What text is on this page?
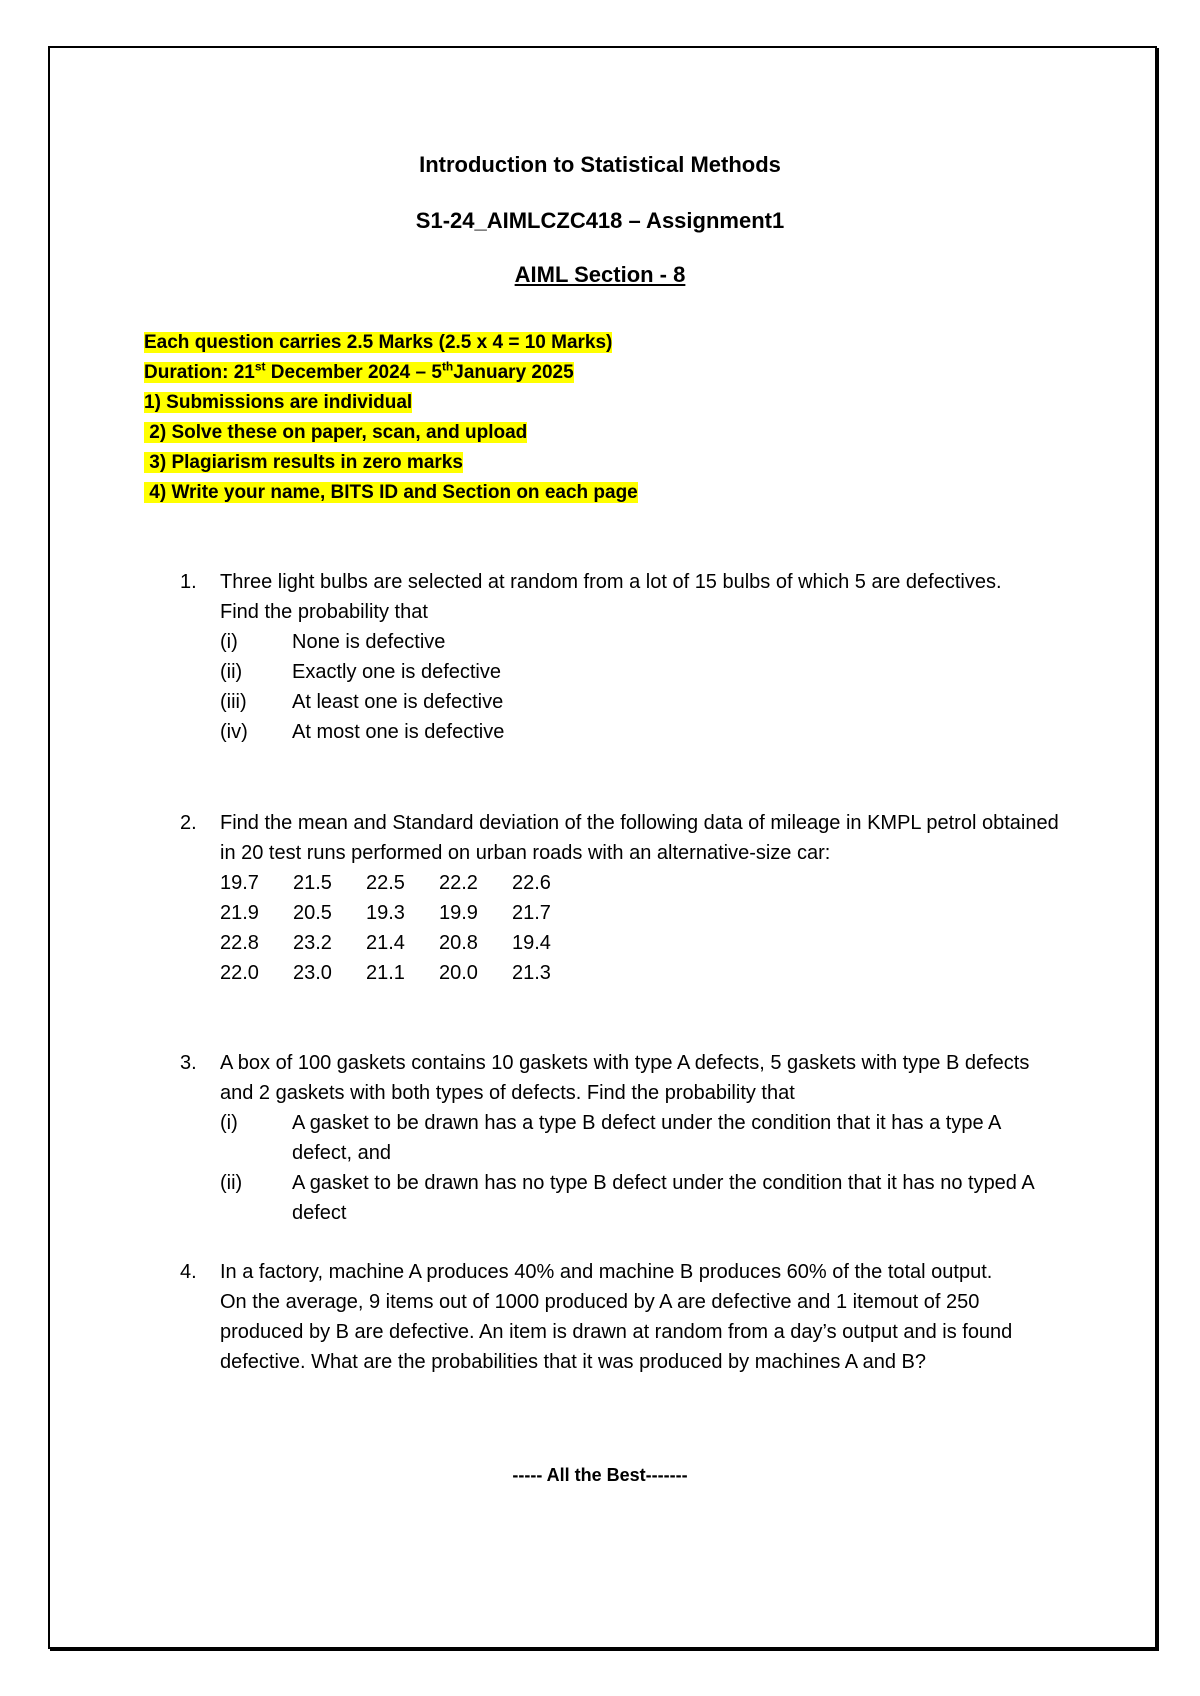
Introduction to Statistical Methods
S1-24_AIMLCZC418 – Assignment1
AIML Section - 8
Each question carries 2.5 Marks (2.5 x 4 = 10 Marks)
Duration: 21st December 2024 – 5thJanuary 2025
1) Submissions are individual
2) Solve these on paper, scan, and upload
3) Plagiarism results in zero marks
4) Write your name, BITS ID and Section on each page
1. Three light bulbs are selected at random from a lot of 15 bulbs of which 5 are defectives.
Find the probability that
(i)	None is defective
(ii)	Exactly one is defective
(iii)	At least one is defective
(iv)	At most one is defective
2. Find the mean and Standard deviation of the following data of mileage in KMPL petrol obtained in 20 test runs performed on urban roads with an alternative-size car:
19.7	21.5	22.5	22.2	22.6
21.9	20.5	19.3	19.9	21.7
22.8	23.2	21.4	20.8	19.4
22.0	23.0	21.1	20.0	21.3
3. A box of 100 gaskets contains 10 gaskets with type A defects, 5 gaskets with type B defects and 2 gaskets with both types of defects. Find the probability that
(i)	A gasket to be drawn has a type B defect under the condition that it has a type A defect, and
(ii)	A gasket to be drawn has no type B defect under the condition that it has no typed A defect
4. In a factory, machine A produces 40% and machine B produces 60% of the total output.
On the average, 9 items out of 1000 produced by A are defective and 1 itemout of 250 produced by B are defective. An item is drawn at random from a day’s output and is found defective. What are the probabilities that it was produced by machines A and B?
----- All the Best-------
